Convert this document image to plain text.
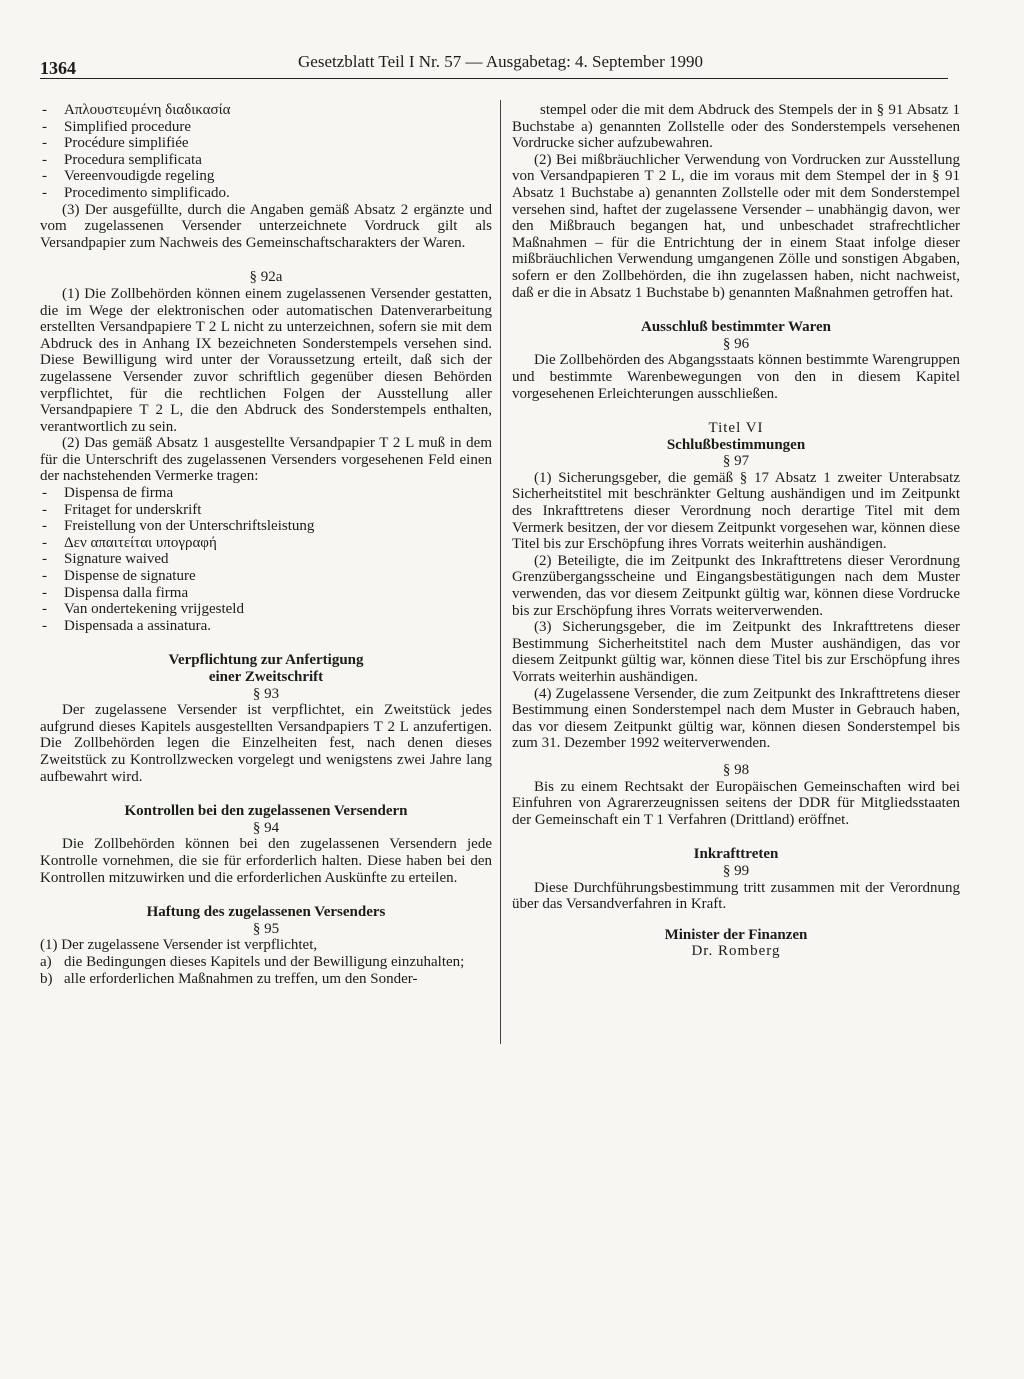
1364	Gesetzblatt Teil I Nr. 57 — Ausgabetag: 4. September 1990
- Απλουστευμένη διαδικασία
- Simplified procedure
- Procédure simplifiée
- Procedura semplificata
- Vereenvoudigde regeling
- Procedimento simplificado.

(3) Der ausgefüllte, durch die Angaben gemäß Absatz 2 ergänzte und vom zugelassenen Versender unterzeichnete Vordruck gilt als Versandpapier zum Nachweis des Gemeinschaftscharakters der Waren.

§ 92a

(1) Die Zollbehörden können einem zugelassenen Versender gestatten, die im Wege der elektronischen oder automatischen Datenverarbeitung erstellten Versandpapiere T 2 L nicht zu unterzeichnen, sofern sie mit dem Abdruck des in Anhang IX bezeichneten Sonderstempels versehen sind. Diese Bewilligung wird unter der Voraussetzung erteilt, daß sich der zugelassene Versender zuvor schriftlich gegenüber diesen Behörden verpflichtet, für die rechtlichen Folgen der Ausstellung aller Versandpapiere T 2 L, die den Abdruck des Sonderstempels enthalten, verantwortlich zu sein.

(2) Das gemäß Absatz 1 ausgestellte Versandpapier T 2 L muß in dem für die Unterschrift des zugelassenen Versenders vorgesehenen Feld einen der nachstehenden Vermerke tragen:

- Dispensa de firma
- Fritaget for underskrift
- Freistellung von der Unterschriftsleistung
- Δεν απαιτείται υπογραφή
- Signature waived
- Dispense de signature
- Dispensa dalla firma
- Van ondertekening vrijgesteld
- Dispensada a assinatura.
Verpflichtung zur Anfertigung
einer Zweitschrift
§ 93

Der zugelassene Versender ist verpflichtet, ein Zweitstück jedes aufgrund dieses Kapitels ausgestellten Versandpapiers T 2 L anzufertigen. Die Zollbehörden legen die Einzelheiten fest, nach denen dieses Zweitstück zu Kontrollzwecken vorgelegt und wenigstens zwei Jahre lang aufbewahrt wird.

Kontrollen bei den zugelassenen Versendern
§ 94

Die Zollbehörden können bei den zugelassenen Versendern jede Kontrolle vornehmen, die sie für erforderlich halten. Diese haben bei den Kontrollen mitzuwirken und die erforderlichen Auskünfte zu erteilen.

Haftung des zugelassenen Versenders
§ 95

(1) Der zugelassene Versender ist verpflichtet,

a) die Bedingungen dieses Kapitels und der Bewilligung einzuhalten;
b) alle erforderlichen Maßnahmen zu treffen, um den Sonder-

stempel oder die mit dem Abdruck des Stempels der in § 91 Absatz 1 Buchstabe a) genannten Zollstelle oder des Sonderstempels versehenen Vordrucke sicher aufzubewahren.

(2) Bei mißbräuchlicher Verwendung von Vordrucken zur Ausstellung von Versandpapieren T 2 L, die im voraus mit dem Stempel der in § 91 Absatz 1 Buchstabe a) genannten Zollstelle oder mit dem Sonderstempel versehen sind, haftet der zugelassene Versender – unabhängig davon, wer den Mißbrauch begangen hat, und unbeschadet strafrechtlicher Maßnahmen – für die Entrichtung der in einem Staat infolge dieser mißbräuchlichen Verwendung umgangenen Zölle und sonstigen Abgaben, sofern er den Zollbehörden, die ihn zugelassen haben, nicht nachweist, daß er die in Absatz 1 Buchstabe b) genannten Maßnahmen getroffen hat.

Ausschluß bestimmter Waren
§ 96

Die Zollbehörden des Abgangsstaats können bestimmte Warengruppen und bestimmte Warenbewegungen von den in diesem Kapitel vorgesehenen Erleichterungen ausschließen.

Titel VI
Schlußbestimmungen
§ 97

(1) Sicherungsgeber, die gemäß § 17 Absatz 1 zweiter Unterabsatz Sicherheitstitel mit beschränkter Geltung aushändigen und im Zeitpunkt des Inkrafttretens dieser Verordnung noch derartige Titel mit dem Vermerk besitzen, der vor diesem Zeitpunkt vorgesehen war, können diese Titel bis zur Erschöpfung ihres Vorrats weiterhin aushändigen.

(2) Beteiligte, die im Zeitpunkt des Inkrafttretens dieser Verordnung Grenzübergangsscheine und Eingangsbestätigungen nach dem Muster verwenden, das vor diesem Zeitpunkt gültig war, können diese Vordrucke bis zur Erschöpfung ihres Vorrats weiterverwenden.

(3) Sicherungsgeber, die im Zeitpunkt des Inkrafttretens dieser Bestimmung Sicherheitstitel nach dem Muster aushändigen, das vor diesem Zeitpunkt gültig war, können diese Titel bis zur Erschöpfung ihres Vorrats weiterhin aushändigen.

(4) Zugelassene Versender, die zum Zeitpunkt des Inkrafttretens dieser Bestimmung einen Sonderstempel nach dem Muster in Gebrauch haben, das vor diesem Zeitpunkt gültig war, können diesen Sonderstempel bis zum 31. Dezember 1992 weiterverwenden.

§ 98

Bis zu einem Rechtsakt der Europäischen Gemeinschaften wird bei Einfuhren von Agrarerzeugnissen seitens der DDR für Mitgliedsstaaten der Gemeinschaft ein T 1 Verfahren (Drittland) eröffnet.

Inkrafttreten
§ 99

Diese Durchführungsbestimmung tritt zusammen mit der Verordnung über das Versandverfahren in Kraft.

Minister der Finanzen
Dr. Romberg
